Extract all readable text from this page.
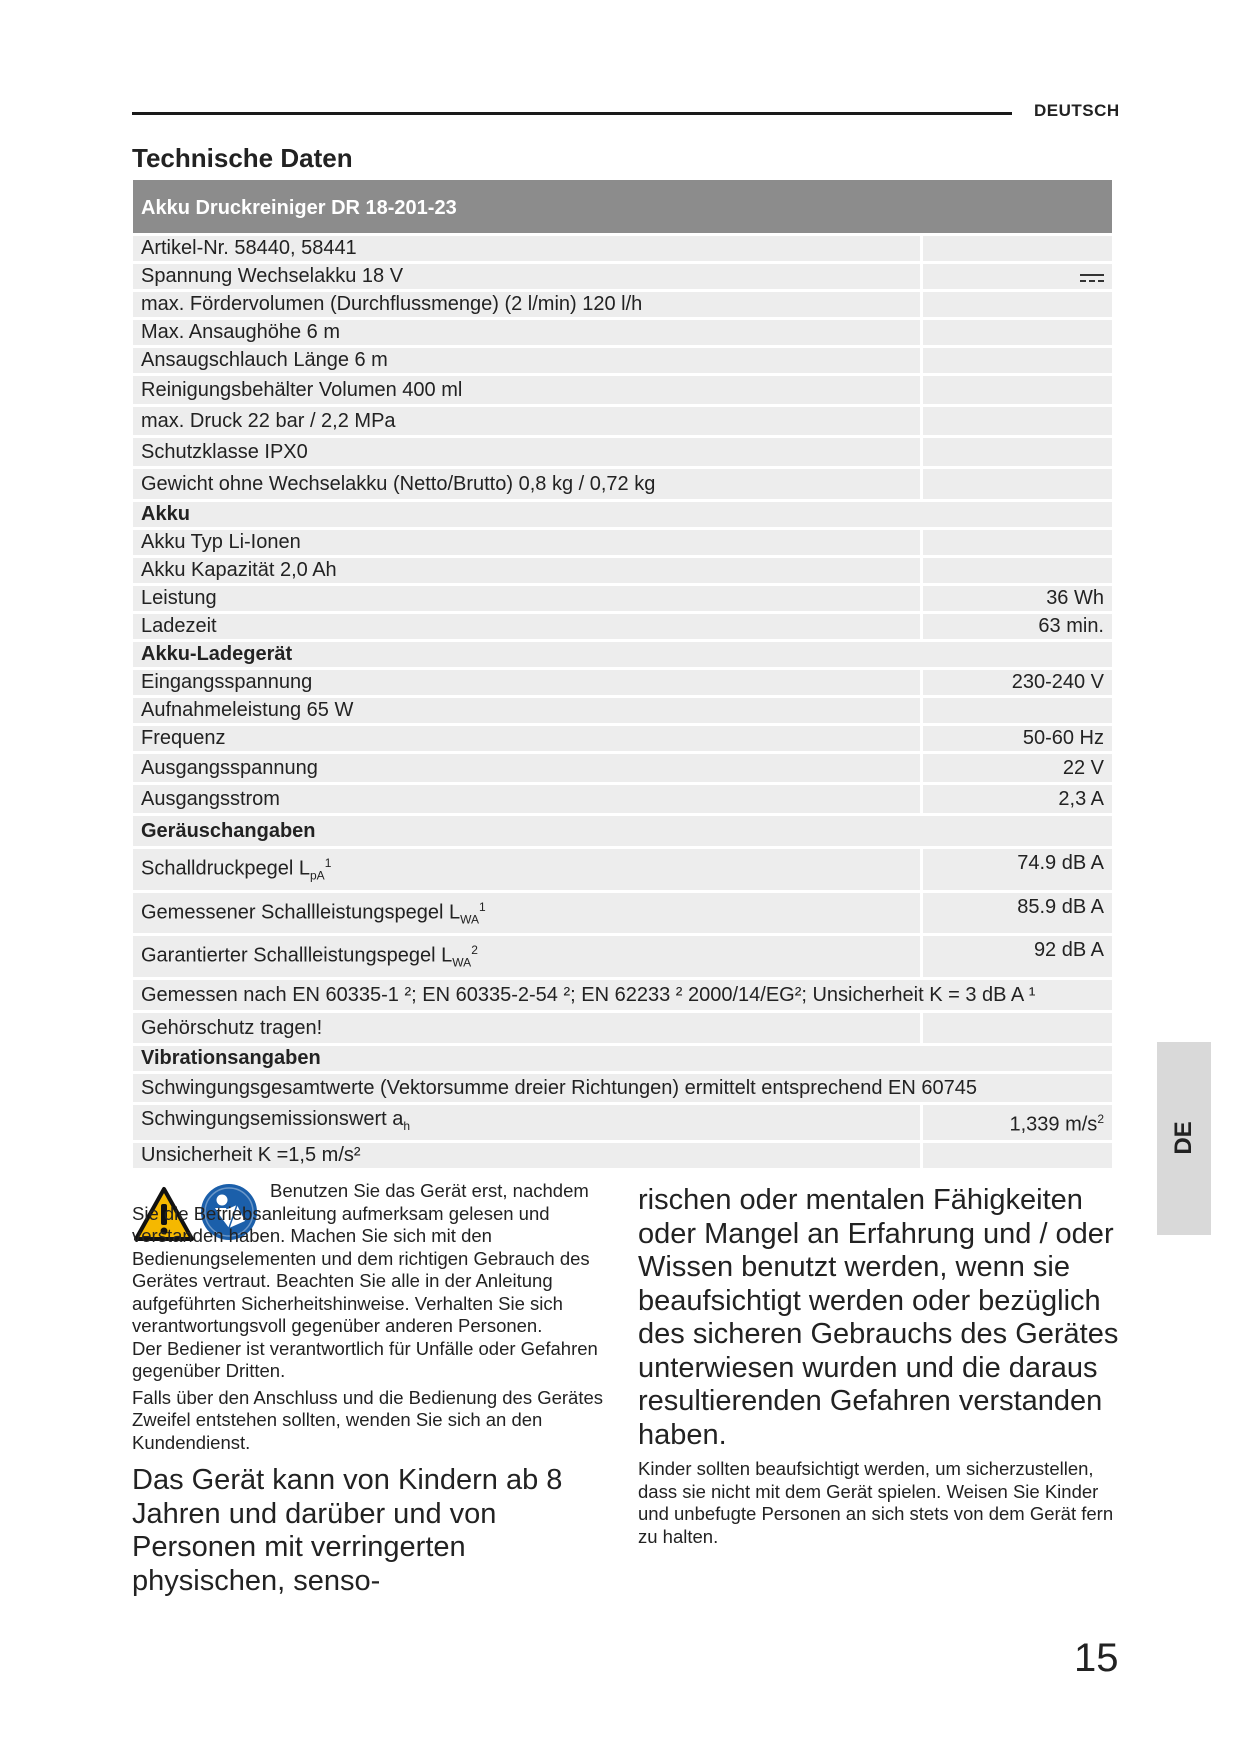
DEUTSCH
Technische Daten
Akku Druckreiniger DR 18-201-23
Artikel-Nr. 58440, 58441
Spannung Wechselakku 18 V
max. Fördervolumen (Durchflussmenge) (2 l/min) 120 l/h
Max. Ansaughöhe 6 m
Ansaugschlauch Länge 6 m
Reinigungsbehälter Volumen 400 ml
max. Druck 22 bar / 2,2 MPa
Schutzklasse IPX0
Gewicht ohne Wechselakku (Netto/Brutto) 0,8 kg / 0,72 kg
Akku
Akku Typ Li-Ionen
Akku Kapazität 2,0 Ah
Leistung	36 Wh
Ladezeit	63 min.
Akku-Ladegerät
Eingangsspannung	230-240 V
Aufnahmeleistung 65 W
Frequenz	50-60 Hz
Ausgangsspannung	22 V
Ausgangsstrom	2,3 A
Geräuschangaben
Schalldruckpegel $L_{pA}^1$	74.9 dB A
Gemessener Schallleistungspegel $L_{WA}^1$	85.9 dB A
Garantierter Schallleistungspegel $L_{WA}^2$	92 dB A
Gemessen nach EN 60335-1 ²; EN 60335-2-54 ²; EN 62233 ² 2000/14/EG²; Unsicherheit K = 3 dB A ¹
Gehörschutz tragen!
Vibrationsangaben
Schwingungsgesamtwerte (Vektorsumme dreier Richtungen) ermittelt entsprechend EN 60745
Schwingungsemissionswert $a_h$	1,339 $m/s^2$
Unsicherheit K =1,5 m/s²
DE

Benutzen Sie das Gerät erst, nachdem Sie die Betriebsanleitung aufmerksam gelesen und verstanden haben. Machen Sie sich mit den Bedienungselementen und dem richtigen Gebrauch des Gerätes vertraut. Beachten Sie alle in der Anleitung aufgeführten Sicherheitshinweise. Verhalten Sie sich verantwortungsvoll gegenüber anderen Personen.

Der Bediener ist verantwortlich für Unfälle oder Gefahren gegenüber Dritten.

Falls über den Anschluss und die Bedienung des Gerätes Zweifel entstehen sollten, wenden Sie sich an den Kundendienst.

Das Gerät kann von Kindern ab 8 Jahren und darüber und von Personen mit verringerten physischen, senso-

rischen oder mentalen Fähigkeiten oder Mangel an Erfahrung und / oder Wissen benutzt werden, wenn sie beaufsichtigt werden oder bezüglich des sicheren Gebrauchs des Gerätes unterwiesen wurden und die daraus resultierenden Gefahren verstanden haben.

Kinder sollten beaufsichtigt werden, um sicherzustellen, dass sie nicht mit dem Gerät spielen. Weisen Sie Kinder und unbefugte Personen an sich stets von dem Gerät fern zu halten.

15
